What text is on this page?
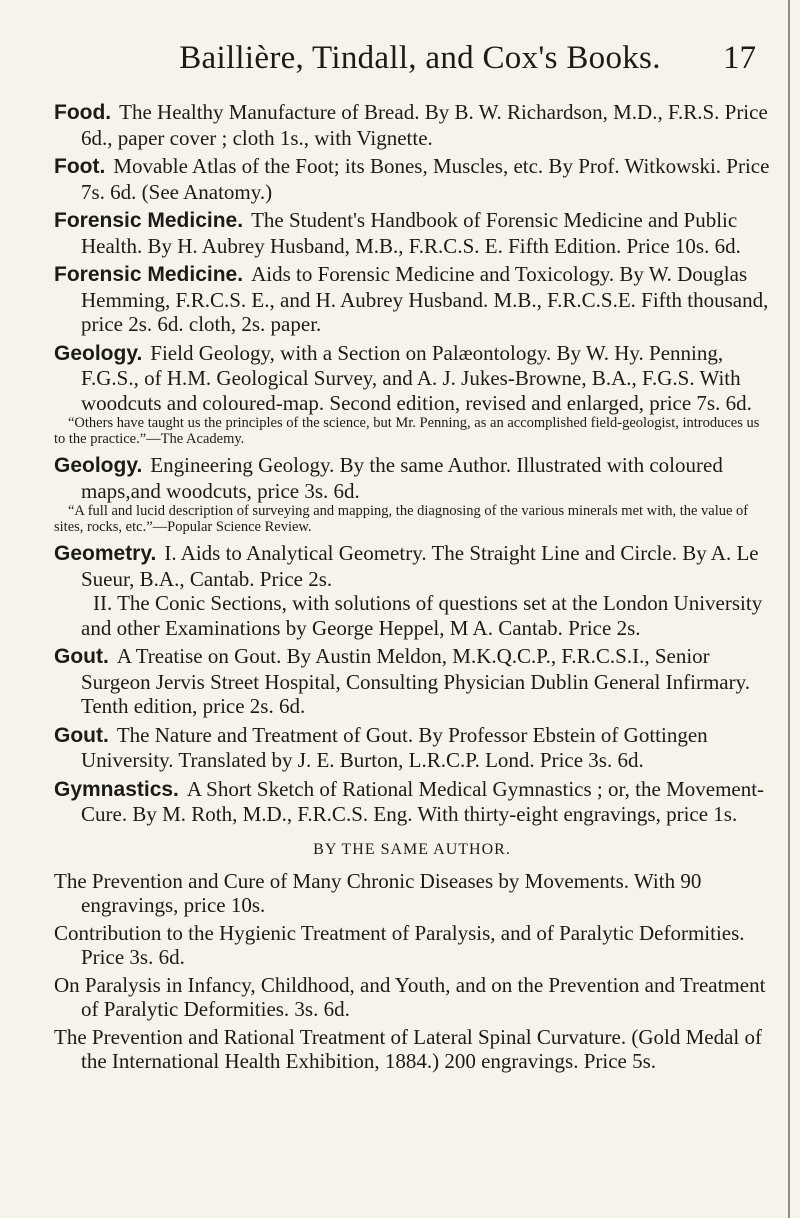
Baillière, Tindall, and Cox's Books.	17

Food. The Healthy Manufacture of Bread. By B. W. Richardson, M.D., F.R.S. Price 6d., paper cover ; cloth 1s., with Vignette.

Foot. Movable Atlas of the Foot; its Bones, Muscles, etc. By Prof. Witkowski. Price 7s. 6d. (See Anatomy.)

Forensic Medicine. The Student's Handbook of Forensic Medicine and Public Health. By H. Aubrey Husband, M.B., F.R.C.S. E. Fifth Edition. Price 10s. 6d.

Forensic Medicine. Aids to Forensic Medicine and Toxicology. By W. Douglas Hemming, F.R.C.S. E., and H. Aubrey Husband. M.B., F.R.C.S.E. Fifth thousand, price 2s. 6d. cloth, 2s. paper.

Geology. Field Geology, with a Section on Palæontology. By W. Hy. Penning, F.G.S., of H.M. Geological Survey, and A. J. Jukes-Browne, B.A., F.G.S. With woodcuts and coloured-map. Second edition, revised and enlarged, price 7s. 6d.

“Others have taught us the principles of the science, but Mr. Penning, as an accomplished field-geologist, introduces us to the practice.”—The Academy.

Geology. Engineering Geology. By the same Author. Illustrated with coloured maps,and woodcuts, price 3s. 6d.

“A full and lucid description of surveying and mapping, the diagnosing of the various minerals met with, the value of sites, rocks, etc.”—Popular Science Review.

Geometry. I. Aids to Analytical Geometry. The Straight Line and Circle. By A. Le Sueur, B.A., Cantab. Price 2s.

II. The Conic Sections, with solutions of questions set at the London University and other Examinations by George Heppel, M A. Cantab. Price 2s.

Gout. A Treatise on Gout. By Austin Meldon, M.K.Q.C.P., F.R.C.S.I., Senior Surgeon Jervis Street Hospital, Consulting Physician Dublin General Infirmary. Tenth edition, price 2s. 6d.

Gout. The Nature and Treatment of Gout. By Professor Ebstein of Gottingen University. Translated by J. E. Burton, L.R.C.P. Lond. Price 3s. 6d.

Gymnastics. A Short Sketch of Rational Medical Gymnastics ; or, the Movement-Cure. By M. Roth, M.D., F.R.C.S. Eng. With thirty-eight engravings, price 1s.

BY THE SAME AUTHOR.

The Prevention and Cure of Many Chronic Diseases by Movements. With 90 engravings, price 10s.

Contribution to the Hygienic Treatment of Paralysis, and of Paralytic Deformities. Price 3s. 6d.

On Paralysis in Infancy, Childhood, and Youth, and on the Prevention and Treatment of Paralytic Deformities. 3s. 6d.

The Prevention and Rational Treatment of Lateral Spinal Curvature. (Gold Medal of the International Health Exhibition, 1884.) 200 engravings. Price 5s.
